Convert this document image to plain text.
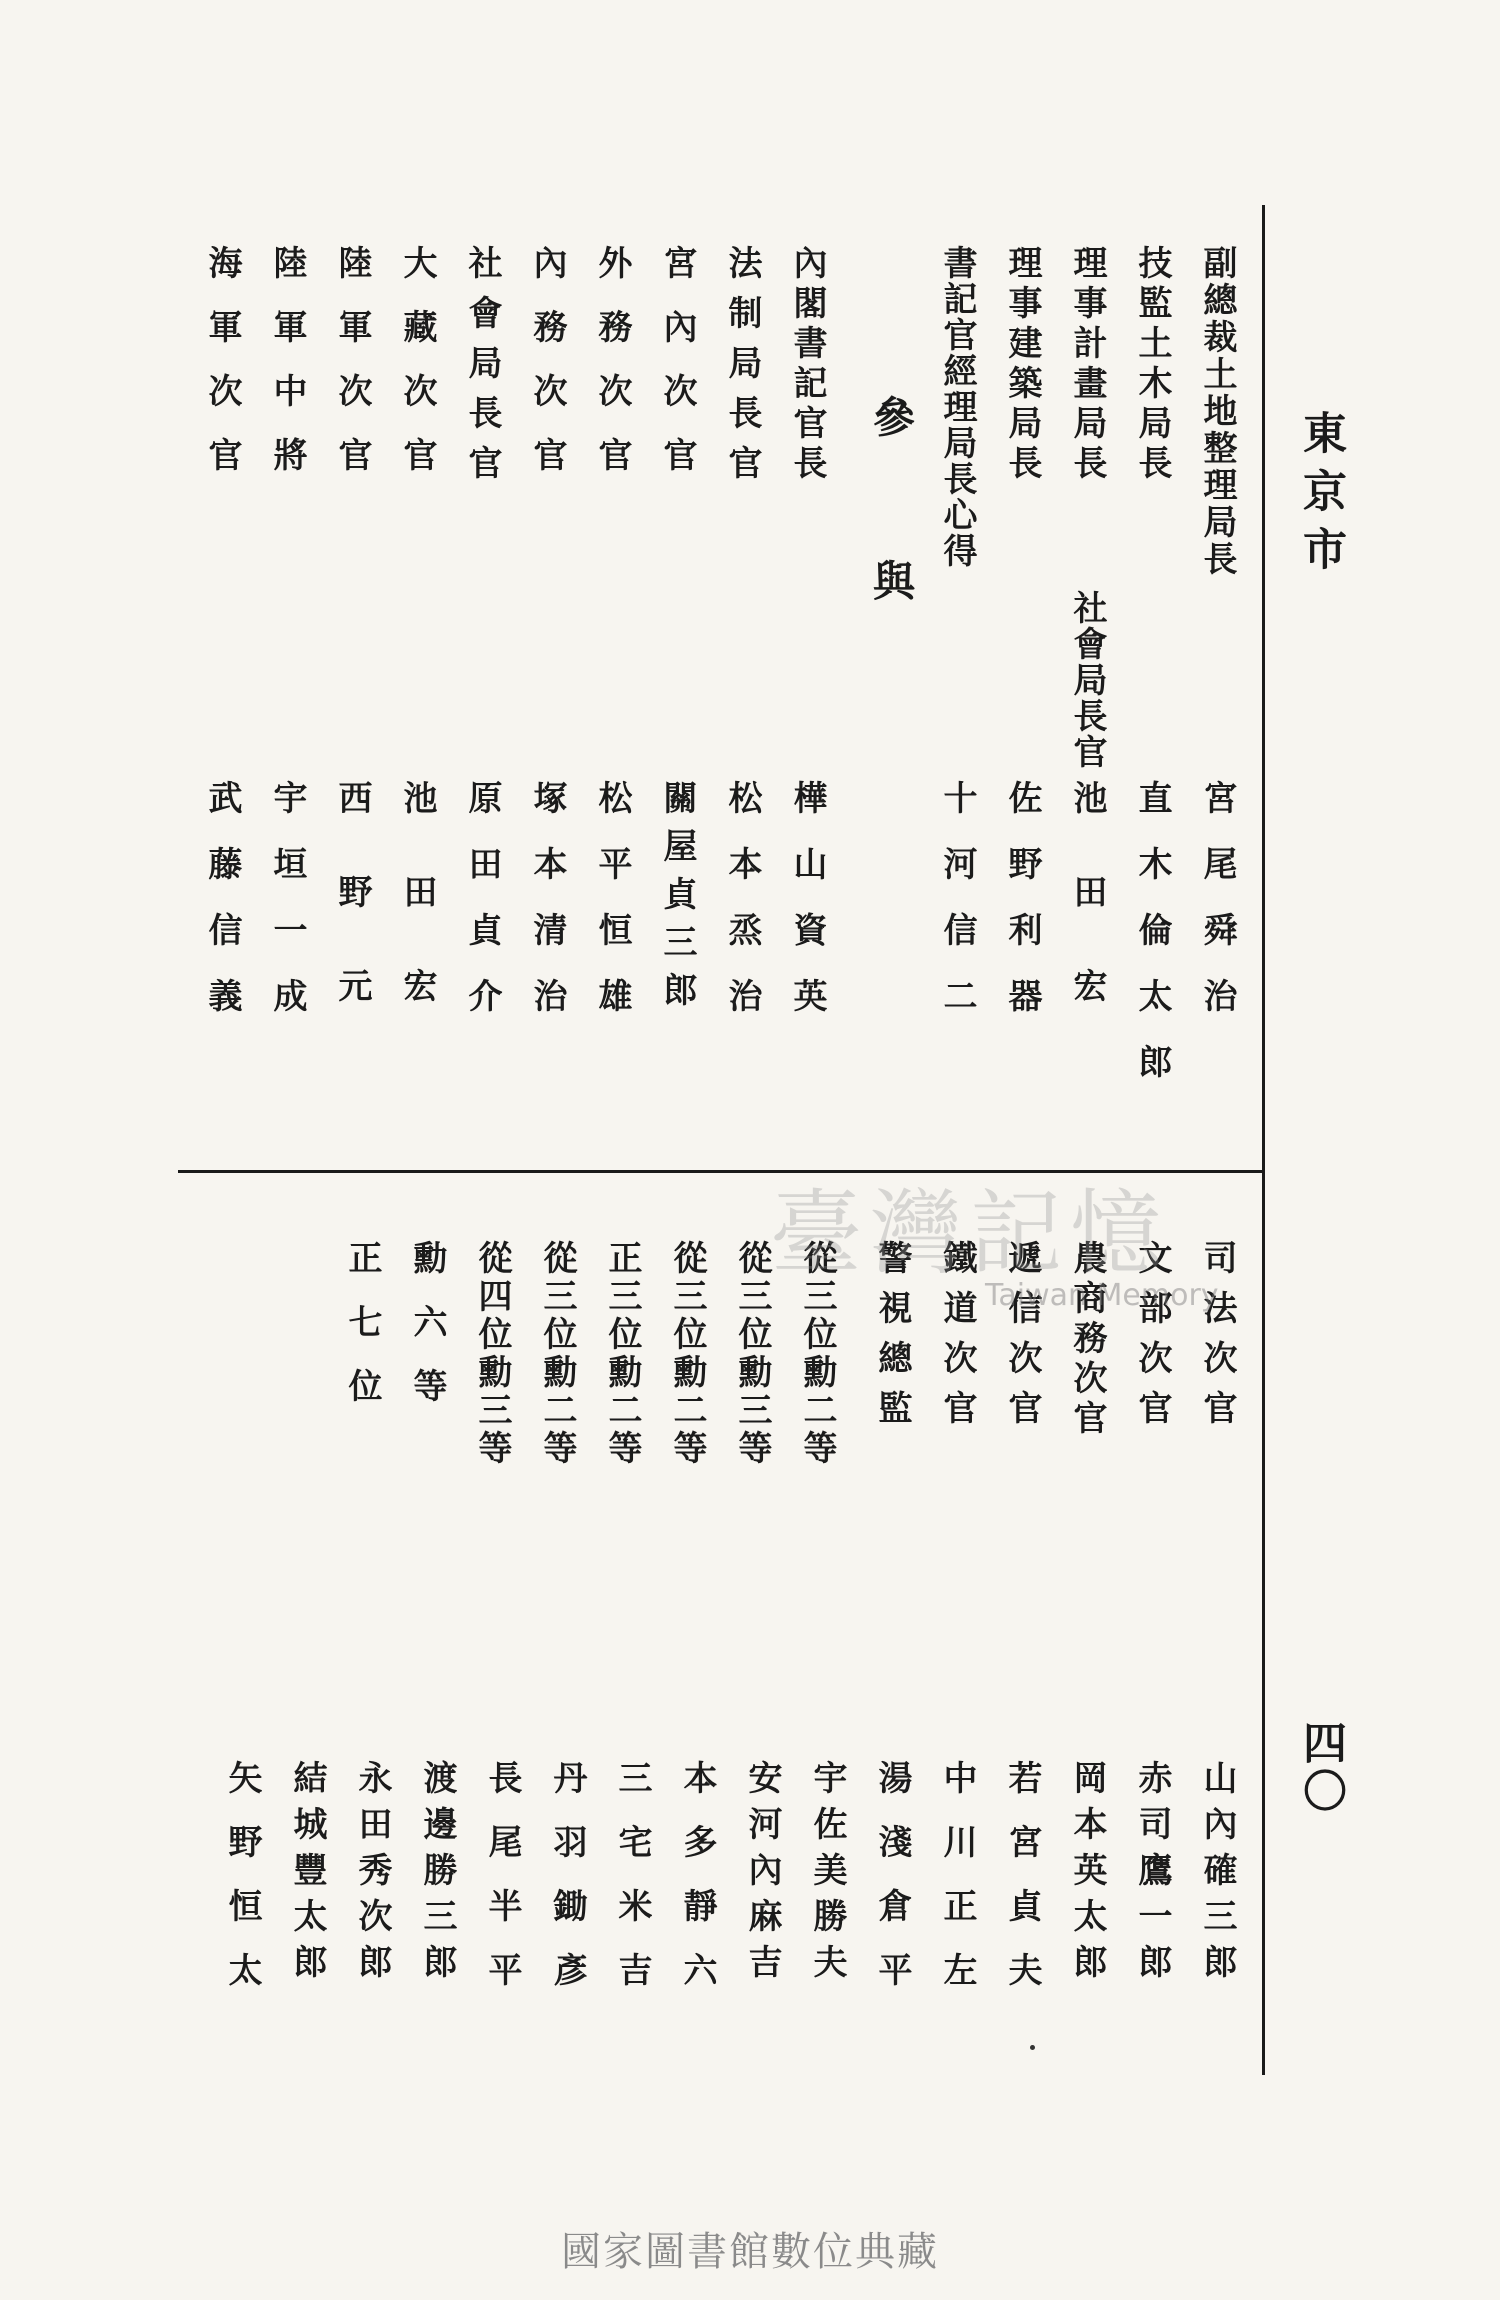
東京市
四〇
副總裁土地整理局長
技監土木局長
理事計畫局長
理事建築局長
書記官經理局長心得
社會局長官
宮尾舜治
直木倫太郎
池田宏
佐野利器
十河信二
參　與
內閣書記官長
法制局長官
宮內次官
外務次官
內務次官
社會局長官
大藏次官
陸軍次官
陸軍中將
海軍次官
樺山資英
松本烝治
關屋貞三郎
松平恒雄
塚本清治
原田貞介
池田宏
西野元
宇垣一成
武藤信義
司法次官
文部次官
農商務次官
遞信次官
鐵道次官
警視總監
從三位勳二等
從三位勳三等
從三位勳二等
正三位勳二等
從三位勳二等
從四位勳三等
勳六等
正七位
山內確三郎
赤司鷹一郎
岡本英太郎
若宮貞夫
中川正左
湯淺倉平
宇佐美勝夫
安河內麻吉
本多靜六
三宅米吉
丹羽鋤彥
長尾半平
渡邊勝三郎
永田秀次郎
結城豐太郎
矢野恒太
臺灣記憶
Taiwan Memory
國家圖書館數位典藏
